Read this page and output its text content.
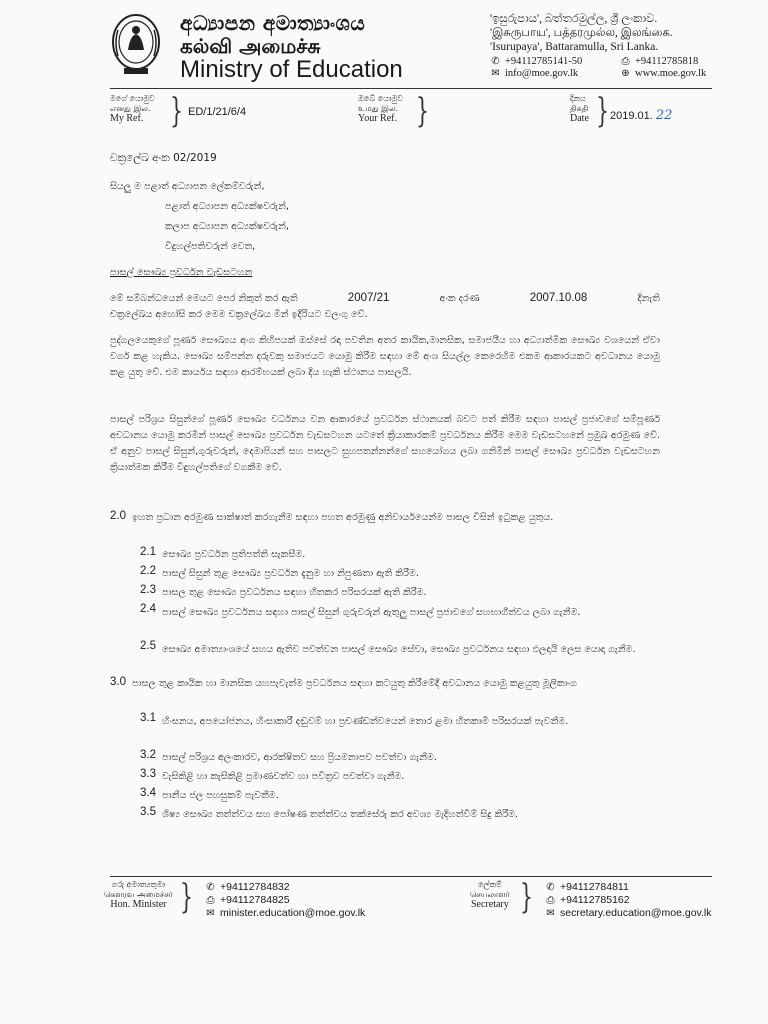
අධ්‍යාපන අමාත්‍යාංශය
கல்வி அமைச்சு
Ministry of Education
'ඉසුරුපාය', බත්තරමුල්ල, ශ්‍රී ලංකාව.
'இசுருபாய', பத்தரமுல்ல, இலங்கை.
'Isurupaya', Battaramulla, Sri Lanka.
✆ +94112785141-50	⎙ +94112785818
✉ info@moe.gov.lk	⊕ www.moe.gov.lk
මගේ යොමුව
எனது இல.
My Ref. } ED/1/21/6/4
ඔබේ යොමුව
உமது இல.
Your Ref. }	දිනය
திகதி
Date } 2019.01. 22
චක්‍රලේඛ අංක 02/2019
සියලු ම පළාත් අධ්‍යාපන ලේකම්වරුන්,
පළාත් අධ්‍යාපන අධ්‍යක්ෂවරුන්,
කලාප අධ්‍යාපන අධ්‍යක්ෂවරුන්,
විදුහල්පතිවරුන් වෙත,
පාසල් සෞඛ්‍ය ප්‍රවර්ධන වැඩසටහන
මේ සම්බන්ධයෙන් මෙයට පෙර නිකුත් කර ඇති	2007/21	අංක දරණ	2007.10.08	දිනැති
චක්‍රලේඛය අහෝසි කර මෙම චක්‍රලේඛය මින් ඉදිරියට වලංගු වේ.
පුද්ගලයෙකුගේ පූර්ණ සෞඛ්‍යය අංග කිහිපයක් ඔස්සේ රඳා පවතින අතර කායික,මානසික, සමාජයීය හා අධ්‍යාත්මික සෞඛ්‍ය වශයෙන් ඒවා වර්ග කළ හැකිය. සෞඛ්‍ය සම්පන්න දරුවකු සමාජයට යොමු කිරීම සඳහා මේ අංශ සියල්ල කෙරෙහිම එකම ආකාරයකට අවධානය යොමු කළ යුතු වේ. එම කාර්යය සඳහා ආරම්භයක් ලබා දිය හැකි ස්ථානය පාසලයි.
පාසල් පරිශ්‍රය සිසුන්ගේ පූර්ණ සෞඛ්‍ය වර්ධනය වන ආකාරයේ ප්‍රවර්ධන ස්ථානයක් බවට පත් කිරීම සඳහා පාසල් ප්‍රජාවගේ සම්පූර්ණ අවධානය යොමු කරමින් පාසල් සෞඛ්‍ය ප්‍රවර්ධන වැඩසටහන යටතේ ක්‍රියාකාරකම් ප්‍රවර්ධනය කිරීම මෙම වැඩසටහනේ ප්‍රමුඛ අරමුණ වේ. ඒ අනුව පාසල් සිසුන්,ගුරුවරුන්, දෙමාපියන් සහ පාසලට සුහපතන්නන්ගේ සහයෝගය ලබා ගනිමින් පාසල් සෞඛ්‍ය ප්‍රවර්ධන වැඩසටහන ක්‍රියාත්මක කිරීම විදුහල්පතිගේ වගකීම වේ.
2.0 ඉහත ප්‍රධාන අරමුණ සාක්ෂාත් කරගැනීම සඳහා පහත අරමුණු අනිවාර්යයෙන්ම පාසල විසින් ඉටුකළ යුතුය.
2.1 සෞඛ්‍ය ප්‍රවර්ධන ප්‍රතිපත්ති සැකසීම.
2.2 පාසල් සිසුන් තුළ සෞඛ්‍ය ප්‍රවර්ධන දැනුම හා නිපුණතා ඇති කිරීම.
2.3 පාසල තුළ සෞඛ්‍ය ප්‍රවර්ධනය සඳහා හිතකර පරිසරයක් ඇති කිරීම.
2.4 පාසල් සෞඛ්‍ය ප්‍රවර්ධනය සඳහා පාසල් සිසුන් ගුරුවරුන් ඇතුලු පාසල් ප්‍රජාවගේ සහභාගීත්වය ලබා ගැනීම.
2.5 සෞඛ්‍ය අමාත්‍යාංශයේ සහය ඇතිව පවත්වන පාසල් සෞඛ්‍ය සේවා, සෞඛ්‍ය ප්‍රවර්ධනය සඳහා ඵලදායි ලෙස යොදා ගැනීම.
3.0 පාසල තුළ කායික හා මානසික යහපැවැත්ම ප්‍රවර්ධනය සඳහා කටයුතු කිරීමේදී අවධානය යොමු කළයුතු මූලිකාංග
3.1 හිංසනය, අපයෝජනය, හිංසාකාරී දඬුවම් හා ප්‍රචණ්ඩත්වයෙන් තොර ළමා හිතකාමී පරිසරයක් පැවතීම.
3.2 පාසල් පරිශ්‍රය අලංකාරව, ආරක්ෂිතව සහ ප්‍රියමනාපව පවත්වා ගැනීම.
3.3 වැසිකිළි හා කැසිකිළි ප්‍රමාණවත්ව හා පවිත්‍රව පවත්වා ගැනීම.
3.4 පානීය ජල පහසුකම් පැවතීම.
3.5 ශිෂ්‍ය සෞඛ්‍ය තත්ත්වය සහ පෝෂණ තත්ත්වය තක්සේරු කර අවශ්‍ය මැදිහත්වීම් සිදු කිරීම.
ගරු අමාත්‍යතුමා
கௌரவ அமைச்சர்
Hon. Minister } ✆ +94112784832
⎙ +94112784825
✉ minister.education@moe.gov.lk
ලේකම්
செயலாளர்
Secretary } ✆ +94112784811
⎙ +94112785162
✉ secretary.education@moe.gov.lk
